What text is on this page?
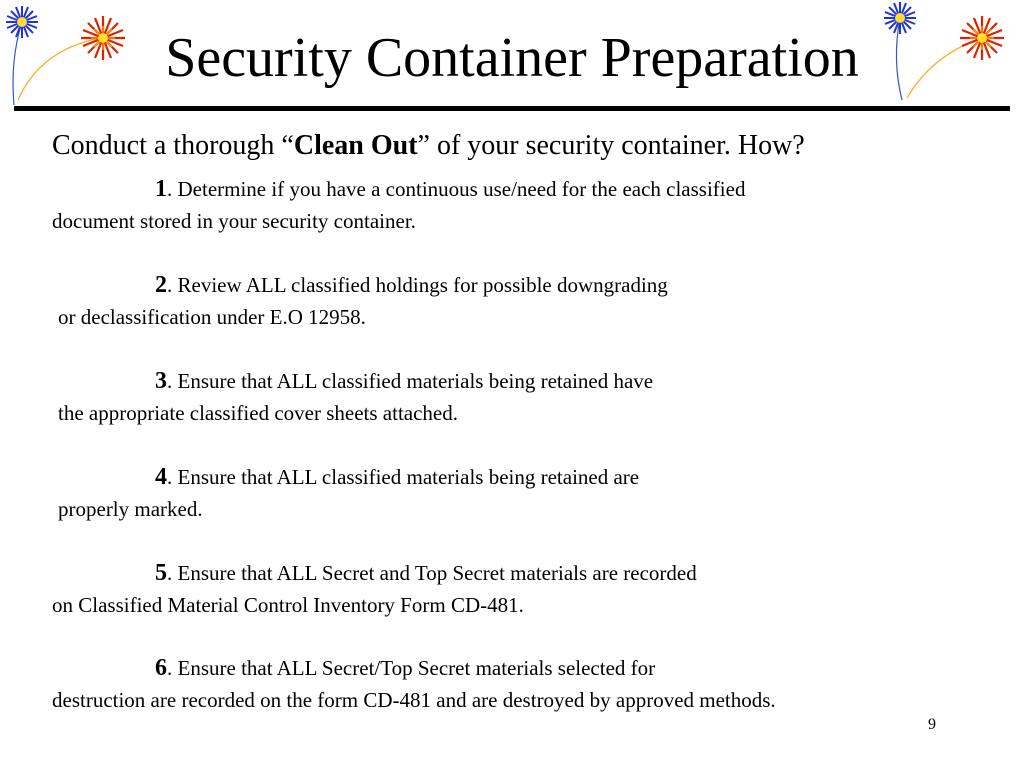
Security Container Preparation
Conduct a thorough “Clean Out” of your security container. How?
1. Determine if you have a continuous use/need for the each classified
document stored in your security container.
2. Review ALL classified holdings for possible downgrading
or declassification under E.O 12958.
3. Ensure that ALL classified materials being retained have
the appropriate classified cover sheets attached.
4. Ensure that ALL classified materials being retained are
properly marked.
5. Ensure that ALL Secret and Top Secret materials are recorded
on Classified Material Control Inventory Form CD-481.
6. Ensure that ALL Secret/Top Secret materials selected for
destruction are recorded on the form CD-481 and are destroyed by approved methods.
9
